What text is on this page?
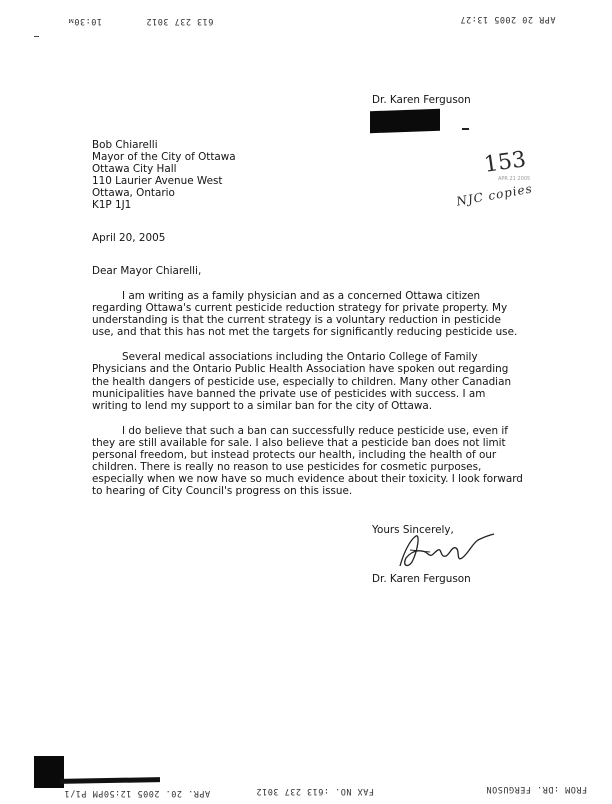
10:30ᴍ	613 237 3012	APR 20 2005 13:27
Dr. Karen Ferguson
Bob Chiarelli
Mayor of the City of Ottawa
Ottawa City Hall
110 Laurier Avenue West
Ottawa, Ontario
K1P 1J1
153
APR 21 2005
NJC copies
April 20, 2005
Dear Mayor Chiarelli,

I am writing as a family physician and as a concerned Ottawa citizen regarding Ottawa's current pesticide reduction strategy for private property. My understanding is that the current strategy is a voluntary reduction in pesticide use, and that this has not met the targets for significantly reducing pesticide use.

Several medical associations including the Ontario College of Family Physicians and the Ontario Public Health Association have spoken out regarding the health dangers of pesticide use, especially to children. Many other Canadian municipalities have banned the private use of pesticides with success. I am writing to lend my support to a similar ban for the city of Ottawa.

I do believe that such a ban can successfully reduce pesticide use, even if they are still available for sale. I also believe that a pesticide ban does not limit personal freedom, but instead protects our health, including the health of our children. There is really no reason to use pesticides for cosmetic purposes, especially when we now have so much evidence about their toxicity. I look forward to hearing of City Council's progress on this issue.

Yours Sincerely,
Dr. Karen Ferguson
APR. 20. 2005 12:50PM P1/1	FAX NO. :613 237 3012	FROM :DR. FERGUSON
